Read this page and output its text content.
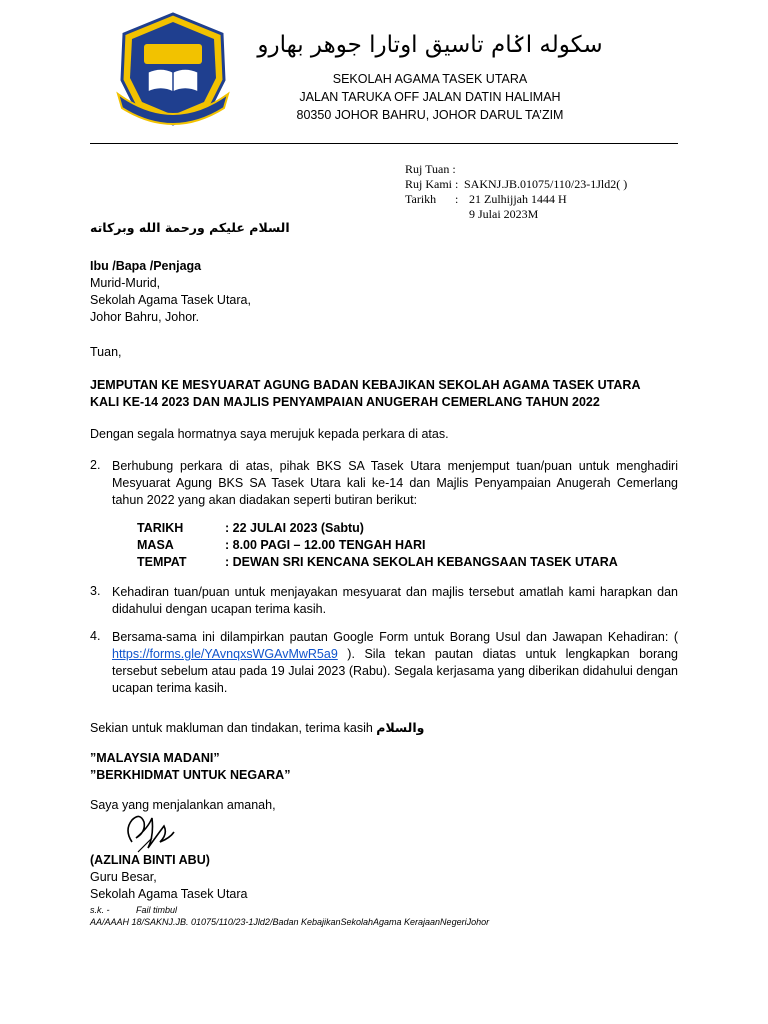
سکوله اݢام تاسيق اوتارا جوهر بهارو
SEKOLAH AGAMA TASEK UTARA
JALAN TARUKA OFF JALAN DATIN HALIMAH
80350 JOHOR BAHRU, JOHOR DARUL TA’ZIM
Ruj Tuan :
Ruj Kami : SAKNJ.JB.01075/110/23-1Jld2( )
Tarikh : 21 Zulhijjah 1444 H
9 Julai 2023M
السلام عليكم ورحمة الله وبركاته
Ibu /Bapa /Penjaga
Murid-Murid,
Sekolah Agama Tasek Utara,
Johor Bahru, Johor.
Tuan,
JEMPUTAN KE MESYUARAT AGUNG BADAN KEBAJIKAN SEKOLAH AGAMA TASEK UTARA
KALI KE-14 2023 DAN MAJLIS PENYAMPAIAN ANUGERAH CEMERLANG TAHUN 2022
Dengan segala hormatnya saya merujuk kepada perkara di atas.
2. Berhubung perkara di atas, pihak BKS SA Tasek Utara menjemput tuan/puan untuk menghadiri Mesyuarat Agung BKS SA Tasek Utara kali ke-14 dan Majlis Penyampaian Anugerah Cemerlang tahun 2022 yang akan diadakan seperti butiran berikut:
TARIKH	: 22 JULAI 2023 (Sabtu)
MASA	: 8.00 PAGI – 12.00 TENGAH HARI
TEMPAT	: DEWAN SRI KENCANA SEKOLAH KEBANGSAAN TASEK UTARA
3. Kehadiran tuan/puan untuk menjayakan mesyuarat dan majlis tersebut amatlah kami harapkan dan didahului dengan ucapan terima kasih.
4. Bersama-sama ini dilampirkan pautan Google Form untuk Borang Usul dan Jawapan Kehadiran: ( https://forms.gle/YAvnqxsWGAvMwR5a9 ). Sila tekan pautan diatas untuk lengkapkan borang tersebut sebelum atau pada 19 Julai 2023 (Rabu). Segala kerjasama yang diberikan didahului dengan ucapan terima kasih.
Sekian untuk makluman dan tindakan, terima kasih والسلام
”MALAYSIA MADANI”
”BERKHIDMAT UNTUK NEGARA”
Saya yang menjalankan amanah,
(AZLINA BINTI ABU)
Guru Besar,
Sekolah Agama Tasek Utara
s.k. -	Fail timbul
AA/AAAH 18/SAKNJ.JB. 01075/110/23-1Jld2/Badan KebajikanSekolahAgama KerajaanNegeriJohor
